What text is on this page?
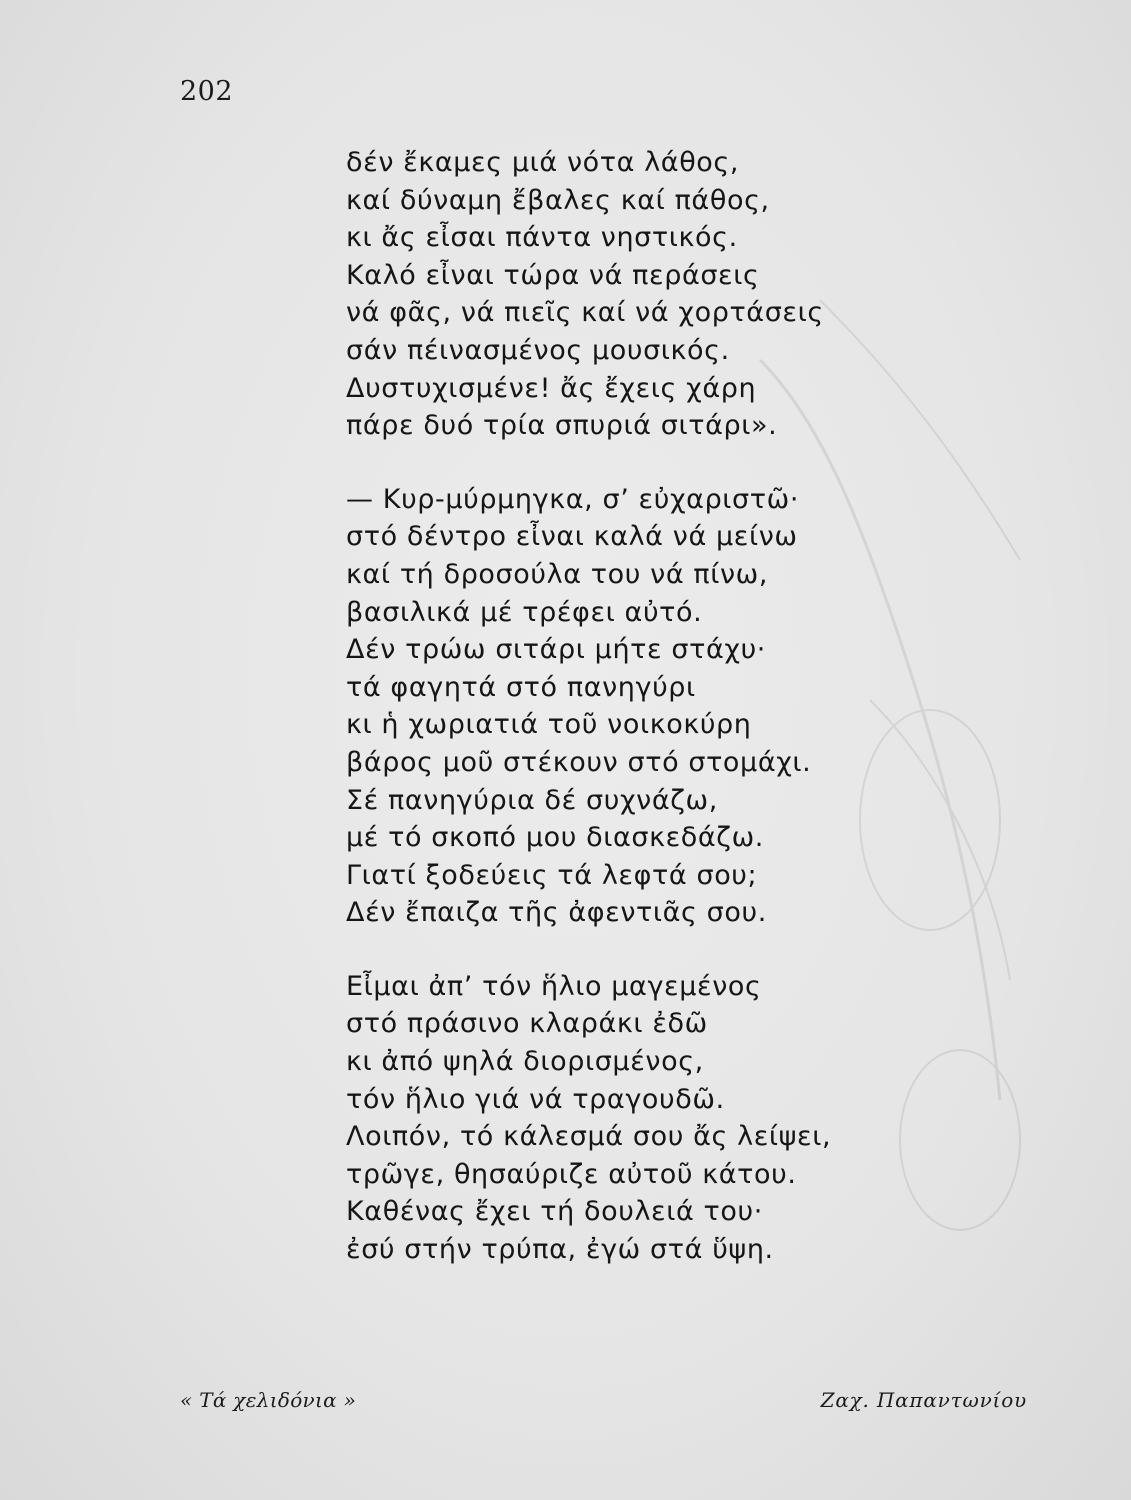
202
δέν ἔκαμες μιά νότα λάθος,
καί δύναμη ἔβαλες καί πάθος,
κι ἄς εἶσαι πάντα νηστικός.
Καλό εἶναι τώρα νά περάσεις
νά φᾶς, νά πιεῖς καί νά χορτάσεις
σάν πέινασμένος μουσικός.
Δυστυχισμένε! ἄς ἔχεις χάρη
πάρε δυό τρία σπυριά σιτάρι».
— Κυρ-μύρμηγκα, σ’ εὐχαριστῶ·
στό δέντρο εἶναι καλά νά μείνω
καί τή δροσούλα του νά πίνω,
βασιλικά μέ τρέφει αὐτό.
Δέν τρώω σιτάρι μήτε στάχυ·
τά φαγητά στό πανηγύρι
κι ἡ χωριατιά τοῦ νοικοκύρη
βάρος μοῦ στέκουν στό στομάχι.
Σέ πανηγύρια δέ συχνάζω,
μέ τό σκοπό μου διασκεδάζω.
Γιατί ξοδεύεις τά λεφτά σου;
Δέν ἔπαιζα τῆς ἀφεντιᾶς σου.
Εἶμαι ἀπ’ τόν ἥλιο μαγεμένος
στό πράσινο κλαράκι ἐδῶ
κι ἀπό ψηλά διορισμένος,
τόν ἥλιο γιά νά τραγουδῶ.
Λοιπόν, τό κάλεσμά σου ἄς λείψει,
τρῶγε, θησαύριζε αὐτοῦ κάτου.
Καθένας ἔχει τή δουλειά του·
ἐσύ στήν τρύπα, ἐγώ στά ὕψη.
« Τά χελιδόνια »	Ζαχ. Παπαντωνίου
